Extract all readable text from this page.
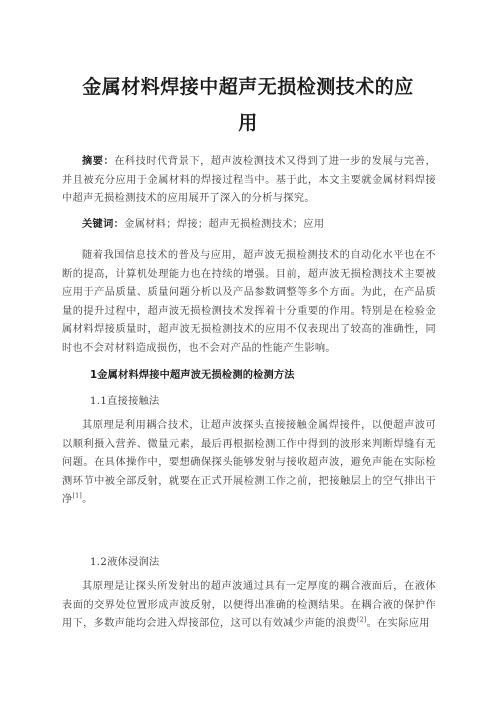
金属材料焊接中超声无损检测技术的应
用
摘要：在科技时代背景下，超声波检测技术又得到了进一步的发展与完善，并且被充分应用于金属材料的焊接过程当中。基于此，本文主要就金属材料焊接中超声无损检测技术的应用展开了深入的分析与探究。
关键词：金属材料；焊接；超声无损检测技术；应用
随着我国信息技术的普及与应用，超声波无损检测技术的自动化水平也在不断的提高，计算机处理能力也在持续的增强。目前，超声波无损检测技术主要被应用于产品质量、质量问题分析以及产品参数调整等多个方面。为此，在产品质量的提升过程中，超声波无损检测技术发挥着十分重要的作用。特别是在检验金属材料焊接质量时，超声波无损检测技术的应用不仅表现出了较高的准确性，同时也不会对材料造成损伤，也不会对产品的性能产生影响。
1金属材料焊接中超声波无损检测的检测方法
1.1直接接触法
其原理是利用耦合技术，让超声波探头直接接触金属焊接件，以便超声波可以顺利摄入营养、微量元素，最后再根据检测工作中得到的波形来判断焊缝有无问题。在具体操作中，要想确保探头能够发射与接收超声波，避免声能在实际检测环节中被全部反射，就要在正式开展检测工作之前，把接触层上的空气排出干净[1]。
1.2液体浸润法
其原理是让探头所发射出的超声波通过具有一定厚度的耦合液面后，在液体表面的交界处位置形成声波反射，以便得出准确的检测结果。在耦合液的保护作用下，多数声能均会进入焊接部位，这可以有效减少声能的浪费[2]。在实际应用
